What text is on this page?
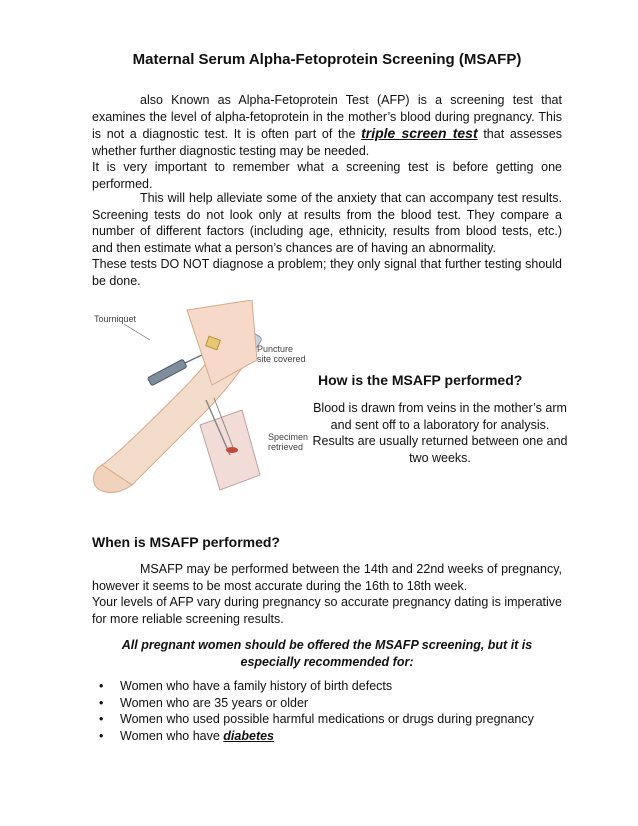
Maternal Serum Alpha-Fetoprotein Screening (MSAFP)

also Known as Alpha-Fetoprotein Test (AFP) is a screening test that examines the level of alpha-fetoprotein in the mother’s blood during pregnancy. This is not a diagnostic test. It is often part of the triple screen test that assesses whether further diagnostic testing may be needed.
It is very important to remember what a screening test is before getting one performed.

This will help alleviate some of the anxiety that can accompany test results. Screening tests do not look only at results from the blood test. They compare a number of different factors (including age, ethnicity, results from blood tests, etc.) and then estimate what a person’s chances are of having an abnormality.
These tests DO NOT diagnose a problem; they only signal that further testing should be done.

Tourniquet
Puncture
site covered
Specimen
retrieved
How is the MSAFP performed?
Blood is drawn from veins in the mother’s arm and sent off to a laboratory for analysis. Results are usually returned between one and two weeks.
When is MSAFP performed?

MSAFP may be performed between the 14th and 22nd weeks of pregnancy, however it seems to be most accurate during the 16th to 18th week.
Your levels of AFP vary during pregnancy so accurate pregnancy dating is imperative for more reliable screening results.

All pregnant women should be offered the MSAFP screening, but it is especially recommended for:
• Women who have a family history of birth defects
• Women who are 35 years or older
• Women who used possible harmful medications or drugs during pregnancy
• Women who have diabetes
